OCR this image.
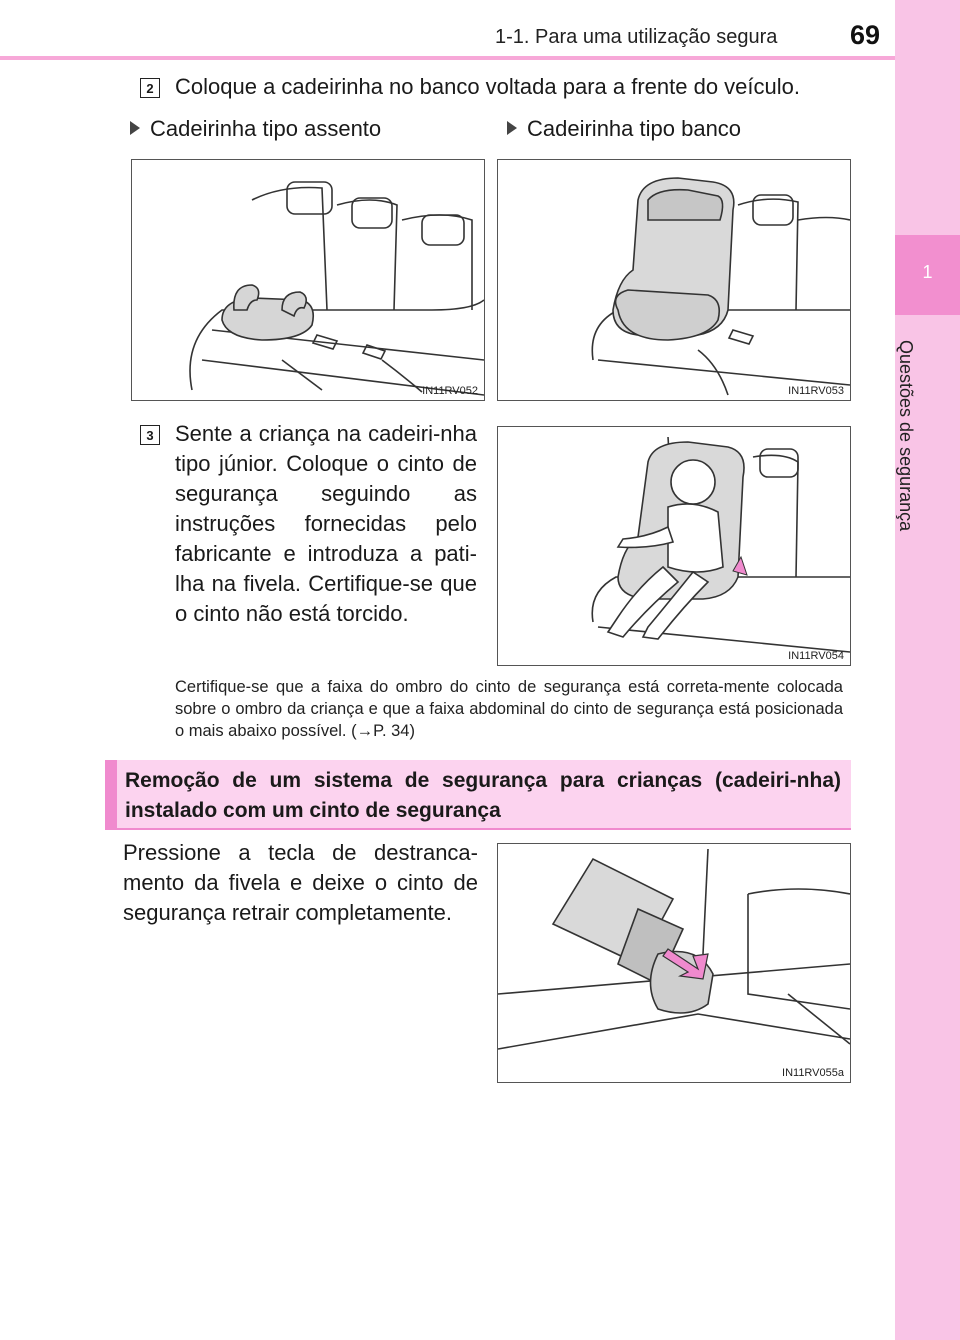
1-1. Para uma utilização segura	69
1
Questões de segurança
2 Coloque a cadeirinha no banco voltada para a frente do veículo.
Cadeirinha tipo assento	Cadeirinha tipo banco
IN11RV052	IN11RV053
3 Sente a criança na cadeiri-nha tipo júnior. Coloque o cinto de segurança seguindo as instruções fornecidas pelo fabricante e introduza a pati-lha na fivela. Certifique-se que o cinto não está torcido.
IN11RV054
Certifique-se que a faixa do ombro do cinto de segurança está correta-mente colocada sobre o ombro da criança e que a faixa abdominal do cinto de segurança está posicionada o mais abaixo possível. (→P. 34)
Remoção de um sistema de segurança para crianças (cadeiri-nha) instalado com um cinto de segurança
Pressione a tecla de destranca-mento da fivela e deixe o cinto de segurança retrair completamente.
IN11RV055a
